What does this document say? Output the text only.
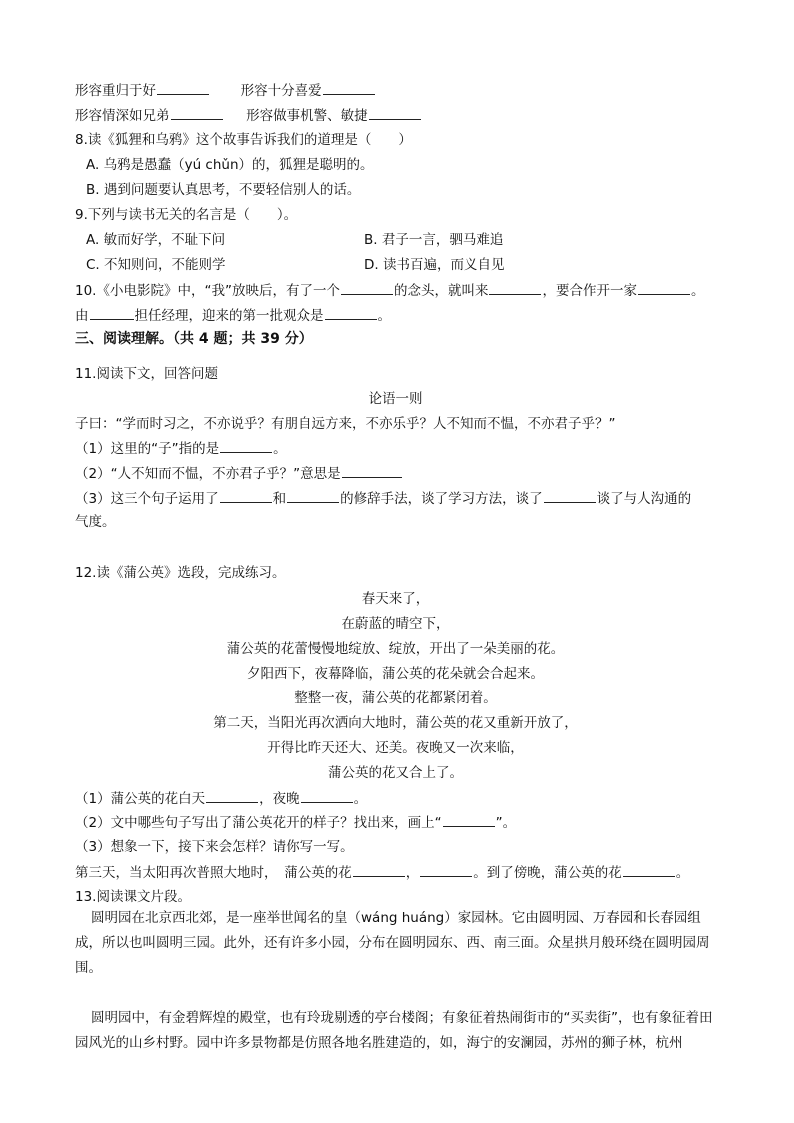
形容重归于好	形容十分喜爱
形容情深如兄弟	形容做事机警、敏捷
8.读《狐狸和乌鸦》这个故事告诉我们的道理是（　　）
A. 乌鸦是愚蠢（yú chǔn）的，狐狸是聪明的。
B. 遇到问题要认真思考，不要轻信别人的话。
9.下列与读书无关的名言是（　　）。
A. 敏而好学，不耻下问	B. 君子一言，驷马难追
C. 不知则问，不能则学	D. 读书百遍，而义自见
10.《小电影院》中，“我”放映后，有了一个	的念头，就叫来	，要合作开一家	。
由	担任经理，迎来的第一批观众是	。
三、阅读理解。（共 4 题；共 39 分）
11.阅读下文，回答问题
论语一则
子曰：“学而时习之，不亦说乎？有朋自远方来，不亦乐乎？人不知而不愠，不亦君子乎？”
（1）这里的“子”指的是	。
（2）“人不知而不愠，不亦君子乎？”意思是
（3）这三个句子运用了	和	的修辞手法，谈了学习方法，谈了	谈了与人沟通的
气度。
12.读《蒲公英》选段，完成练习。
春天来了，
在蔚蓝的晴空下，
蒲公英的花蕾慢慢地绽放、绽放，开出了一朵美丽的花。
夕阳西下，夜幕降临，蒲公英的花朵就会合起来。
整整一夜，蒲公英的花都紧闭着。
第二天，当阳光再次洒向大地时，蒲公英的花又重新开放了，
开得比昨天还大、还美。夜晚又一次来临，
蒲公英的花又合上了。
（1）蒲公英的花白天	，夜晚	。
（2）文中哪些句子写出了蒲公英花开的样子？找出来，画上“	”。
（3）想象一下，接下来会怎样？请你写一写。
第三天，当太阳再次普照大地时，　蒲公英的花	，	。到了傍晚，蒲公英的花	。
13.阅读课文片段。
圆明园在北京西北郊，是一座举世闻名的皇（wáng huáng）家园林。它由圆明园、万春园和长春园组成，所以也叫圆明三园。此外，还有许多小园，分布在圆明园东、西、南三面。众星拱月般环绕在圆明园周围。
圆明园中，有金碧辉煌的殿堂，也有玲珑剔透的亭台楼阁；有象征着热闹街市的“买卖街”，也有象征着田园风光的山乡村野。园中许多景物都是仿照各地名胜建造的，如，海宁的安澜园，苏州的狮子林，杭州
